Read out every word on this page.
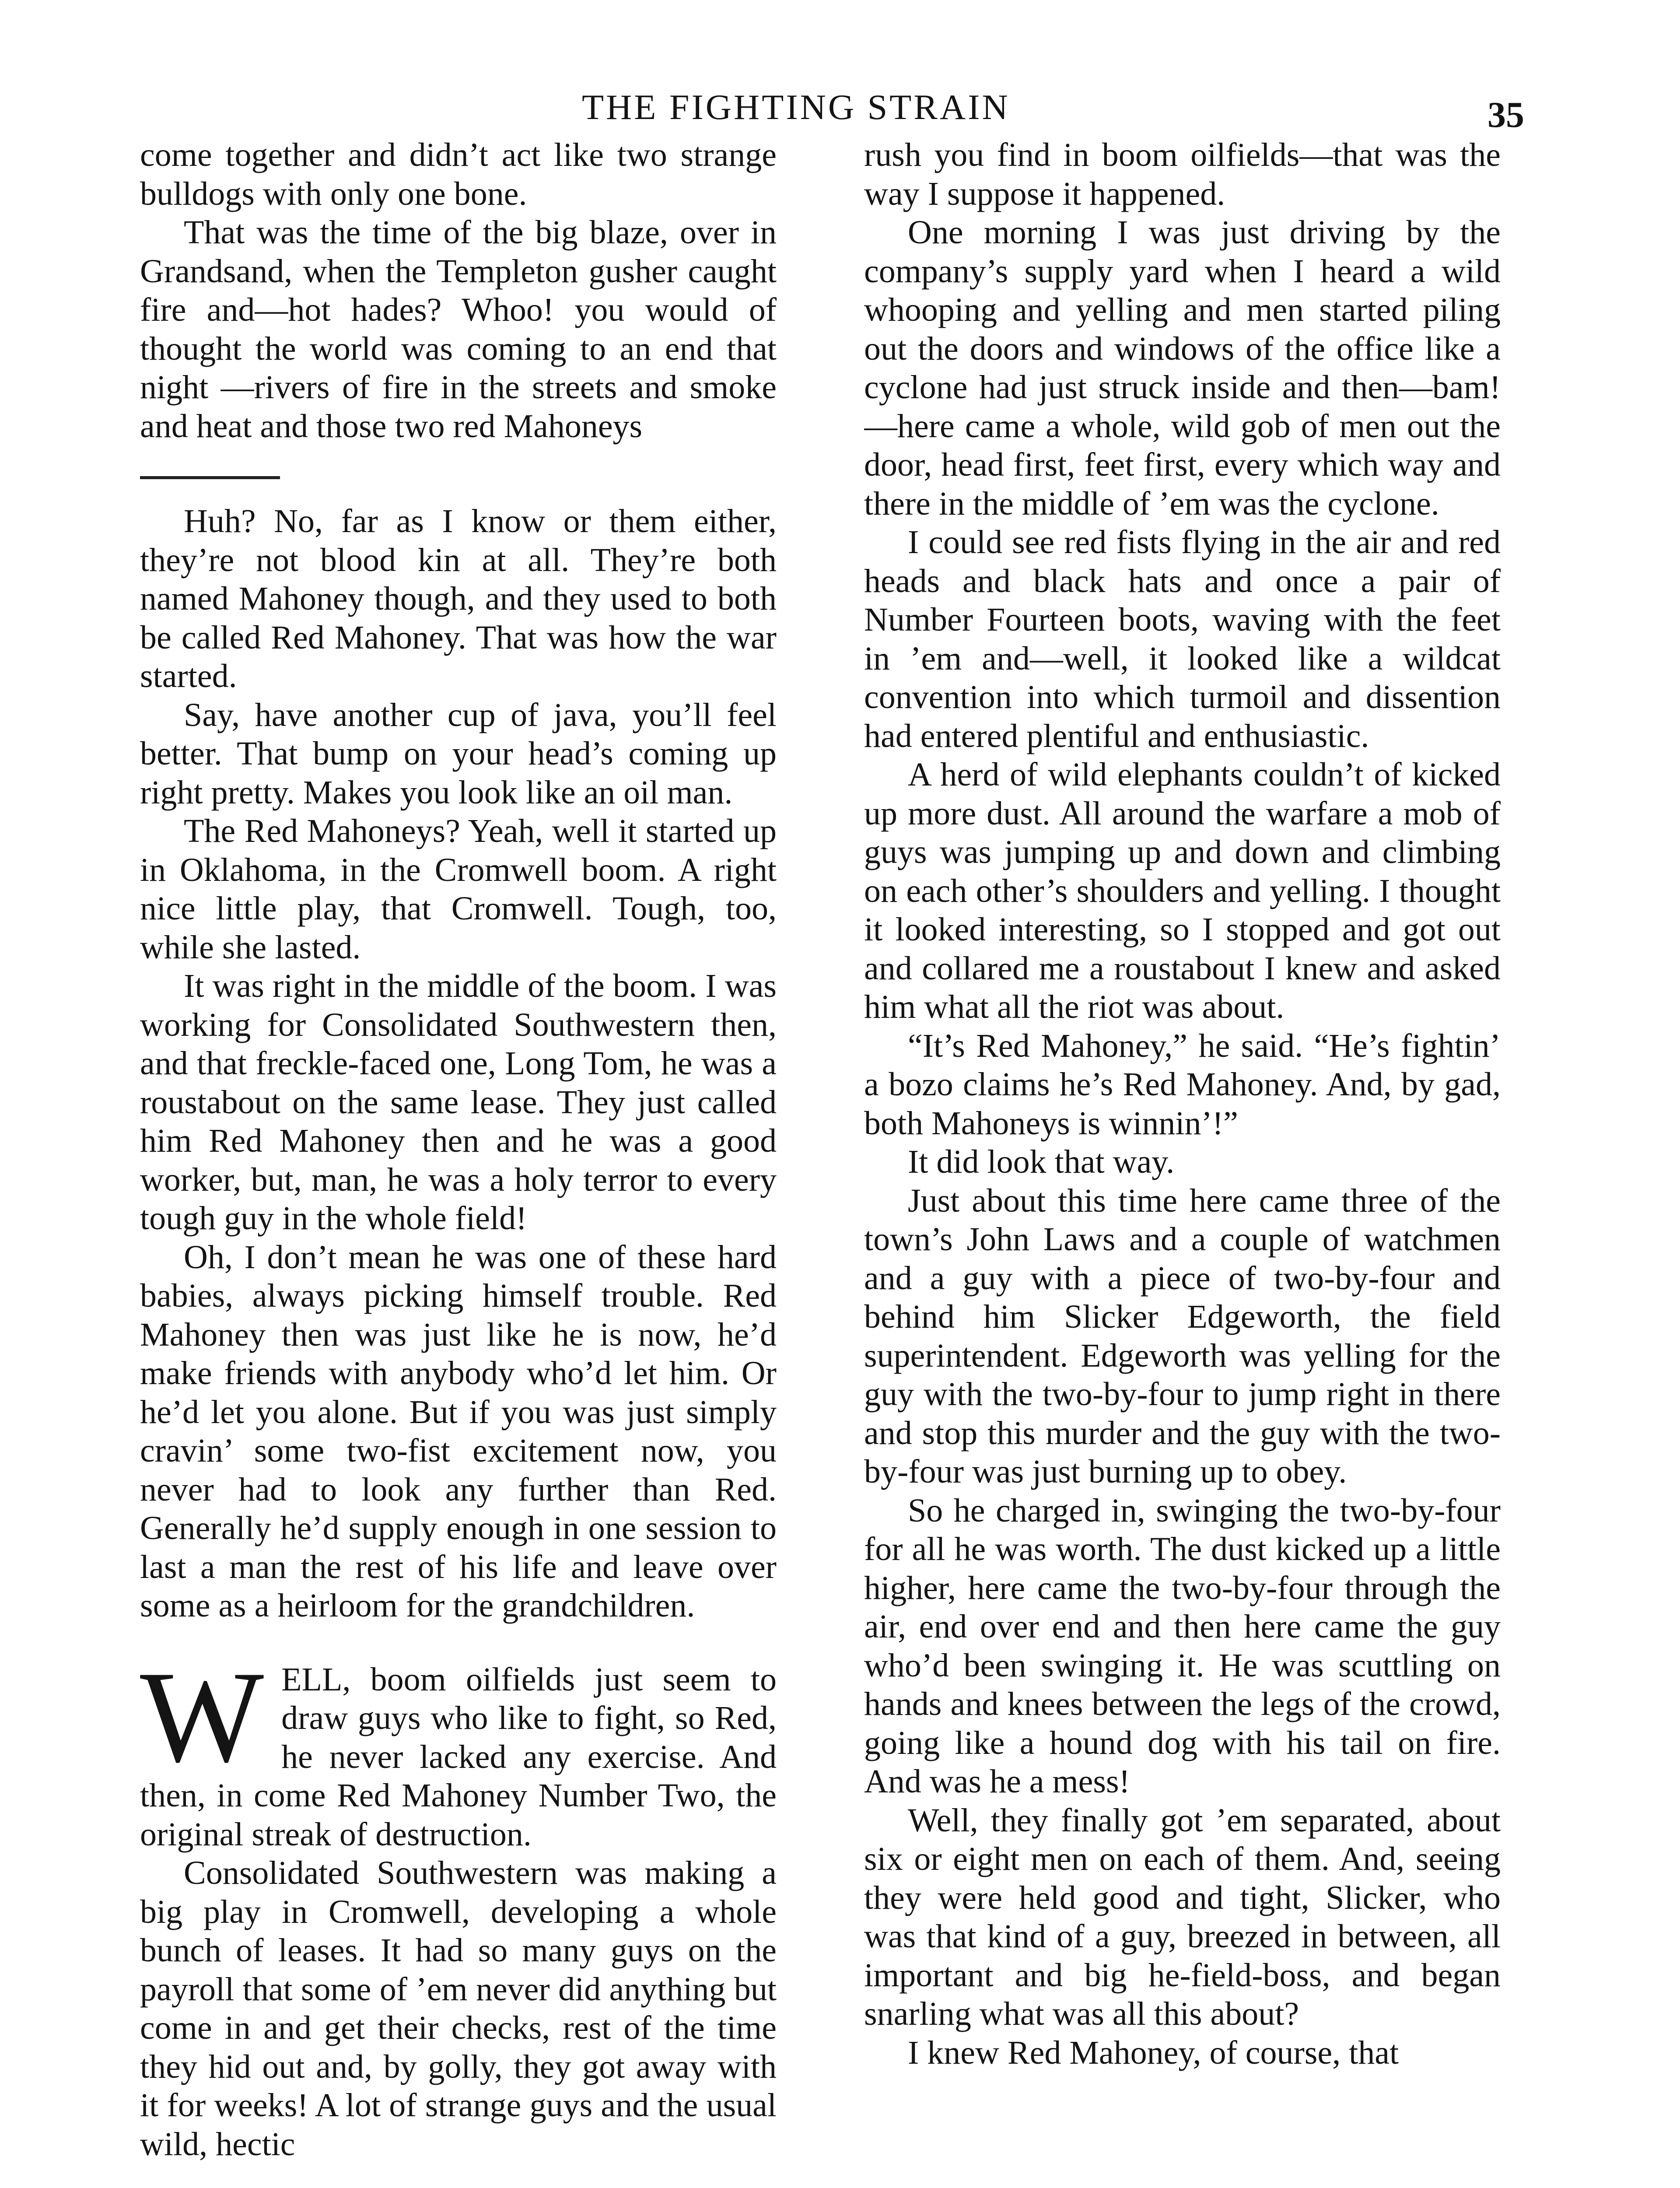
THE FIGHTING STRAIN	35

come together and didn’t act like two strange bulldogs with only one bone.

That was the time of the big blaze, over in Grandsand, when the Templeton gusher caught fire and—hot hades? Whoo! you would of thought the world was coming to an end that night —rivers of fire in the streets and smoke and heat and those two red Mahoneys

Huh? No, far as I know or them either, they’re not blood kin at all. They’re both named Mahoney though, and they used to both be called Red Mahoney. That was how the war started.

Say, have another cup of java, you’ll feel better. That bump on your head’s coming up right pretty. Makes you look like an oil man.

The Red Mahoneys? Yeah, well it started up in Oklahoma, in the Cromwell boom. A right nice little play, that Cromwell. Tough, too, while she lasted.

It was right in the middle of the boom. I was working for Consolidated Southwestern then, and that freckle-faced one, Long Tom, he was a roustabout on the same lease. They just called him Red Mahoney then and he was a good worker, but, man, he was a holy terror to every tough guy in the whole field!

Oh, I don’t mean he was one of these hard babies, always picking himself trouble. Red Mahoney then was just like he is now, he’d make friends with anybody who’d let him. Or he’d let you alone. But if you was just simply cravin’ some two-fist excitement now, you never had to look any further than Red. Generally he’d supply enough in one session to last a man the rest of his life and leave over some as a heirloom for the grandchildren.

WELL, boom oilfields just seem to draw guys who like to fight, so Red, he never lacked any exercise. And then, in come Red Mahoney Number Two, the original streak of destruction.

Consolidated Southwestern was making a big play in Cromwell, developing a whole bunch of leases. It had so many guys on the payroll that some of ’em never did anything but come in and get their checks, rest of the time they hid out and, by golly, they got away with it for weeks! A lot of strange guys and the usual wild, hectic

rush you find in boom oilfields—that was the way I suppose it happened.

One morning I was just driving by the company’s supply yard when I heard a wild whooping and yelling and men started piling out the doors and windows of the office like a cyclone had just struck inside and then—bam!—here came a whole, wild gob of men out the door, head first, feet first, every which way and there in the middle of ’em was the cyclone.

I could see red fists flying in the air and red heads and black hats and once a pair of Number Fourteen boots, waving with the feet in ’em and—well, it looked like a wildcat convention into which turmoil and dissention had entered plentiful and enthusiastic.

A herd of wild elephants couldn’t of kicked up more dust. All around the warfare a mob of guys was jumping up and down and climbing on each other’s shoulders and yelling. I thought it looked interesting, so I stopped and got out and collared me a roustabout I knew and asked him what all the riot was about.

“It’s Red Mahoney,” he said. “He’s fightin’ a bozo claims he’s Red Mahoney. And, by gad, both Mahoneys is winnin’!”

It did look that way.

Just about this time here came three of the town’s John Laws and a couple of watchmen and a guy with a piece of two-by-four and behind him Slicker Edgeworth, the field superintendent. Edgeworth was yelling for the guy with the two-by-four to jump right in there and stop this murder and the guy with the two-by-four was just burning up to obey.

So he charged in, swinging the two-by-four for all he was worth. The dust kicked up a little higher, here came the two-by-four through the air, end over end and then here came the guy who’d been swinging it. He was scuttling on hands and knees between the legs of the crowd, going like a hound dog with his tail on fire. And was he a mess!

Well, they finally got ’em separated, about six or eight men on each of them. And, seeing they were held good and tight, Slicker, who was that kind of a guy, breezed in between, all important and big he-field-boss, and began snarling what was all this about?

I knew Red Mahoney, of course, that
